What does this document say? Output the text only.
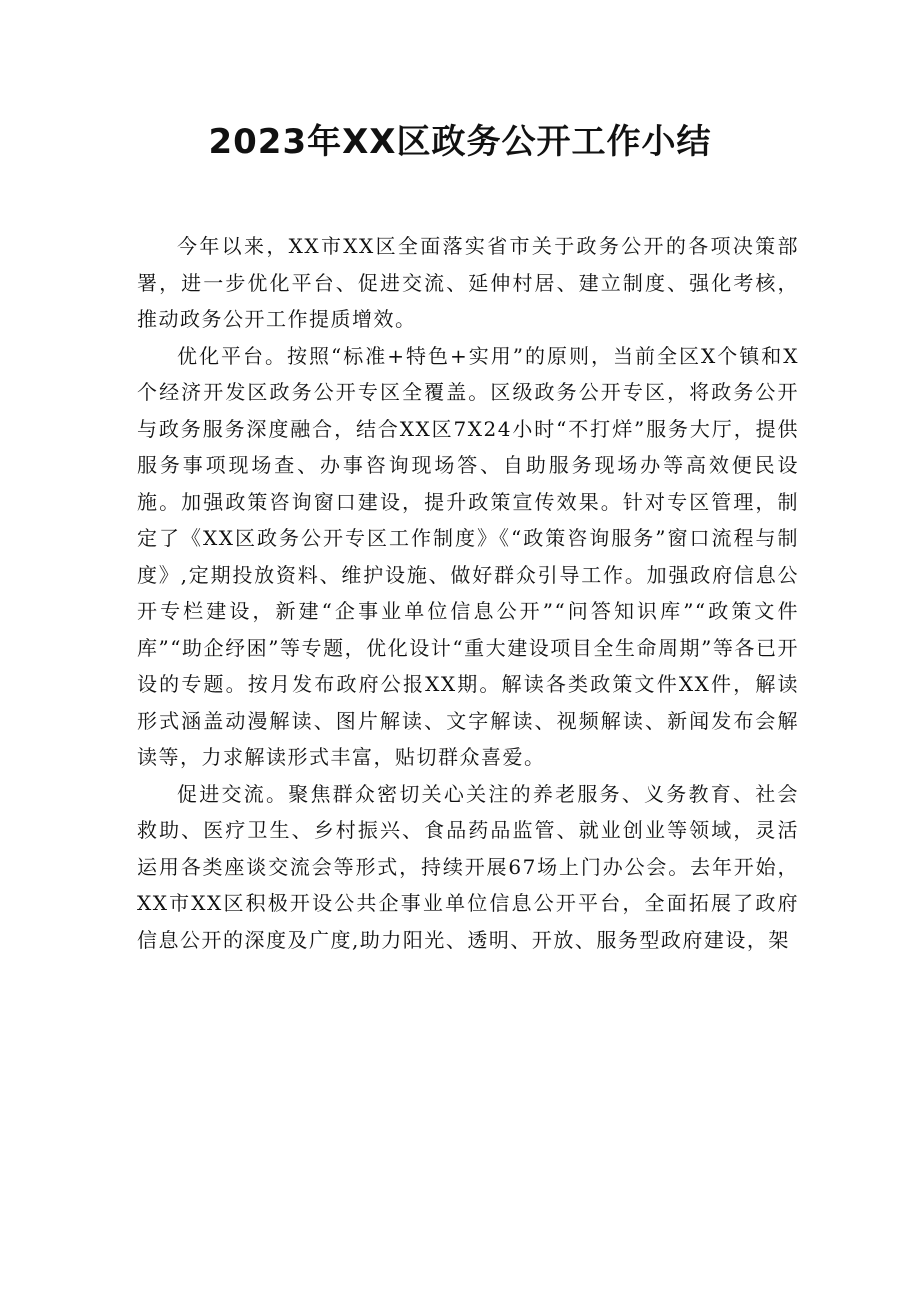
2023年XX区政务公开工作小结

今年以来，XX市XX区全面落实省市关于政务公开的各项决策部署，进一步优化平台、促进交流、延伸村居、建立制度、强化考核，推动政务公开工作提质增效。

优化平台。按照“标准+特色+实用”的原则，当前全区X个镇和X个经济开发区政务公开专区全覆盖。区级政务公开专区，将政务公开与政务服务深度融合，结合XX区7X24小时“不打烊”服务大厅，提供服务事项现场查、办事咨询现场答、自助服务现场办等高效便民设施。加强政策咨询窗口建设，提升政策宣传效果。针对专区管理，制定了《XX区政务公开专区工作制度》《“政策咨询服务”窗口流程与制度》,定期投放资料、维护设施、做好群众引导工作。加强政府信息公开专栏建设，新建“企事业单位信息公开”“问答知识库”“政策文件库”“助企纾困”等专题，优化设计“重大建设项目全生命周期”等各已开设的专题。按月发布政府公报XX期。解读各类政策文件XX件，解读形式涵盖动漫解读、图片解读、文字解读、视频解读、新闻发布会解读等，力求解读形式丰富，贴切群众喜爱。

促进交流。聚焦群众密切关心关注的养老服务、义务教育、社会救助、医疗卫生、乡村振兴、食品药品监管、就业创业等领域，灵活运用各类座谈交流会等形式，持续开展67场上门办公会。去年开始，XX市XX区积极开设公共企事业单位信息公开平台，全面拓展了政府信息公开的深度及广度,助力阳光、透明、开放、服务型政府建设，架
